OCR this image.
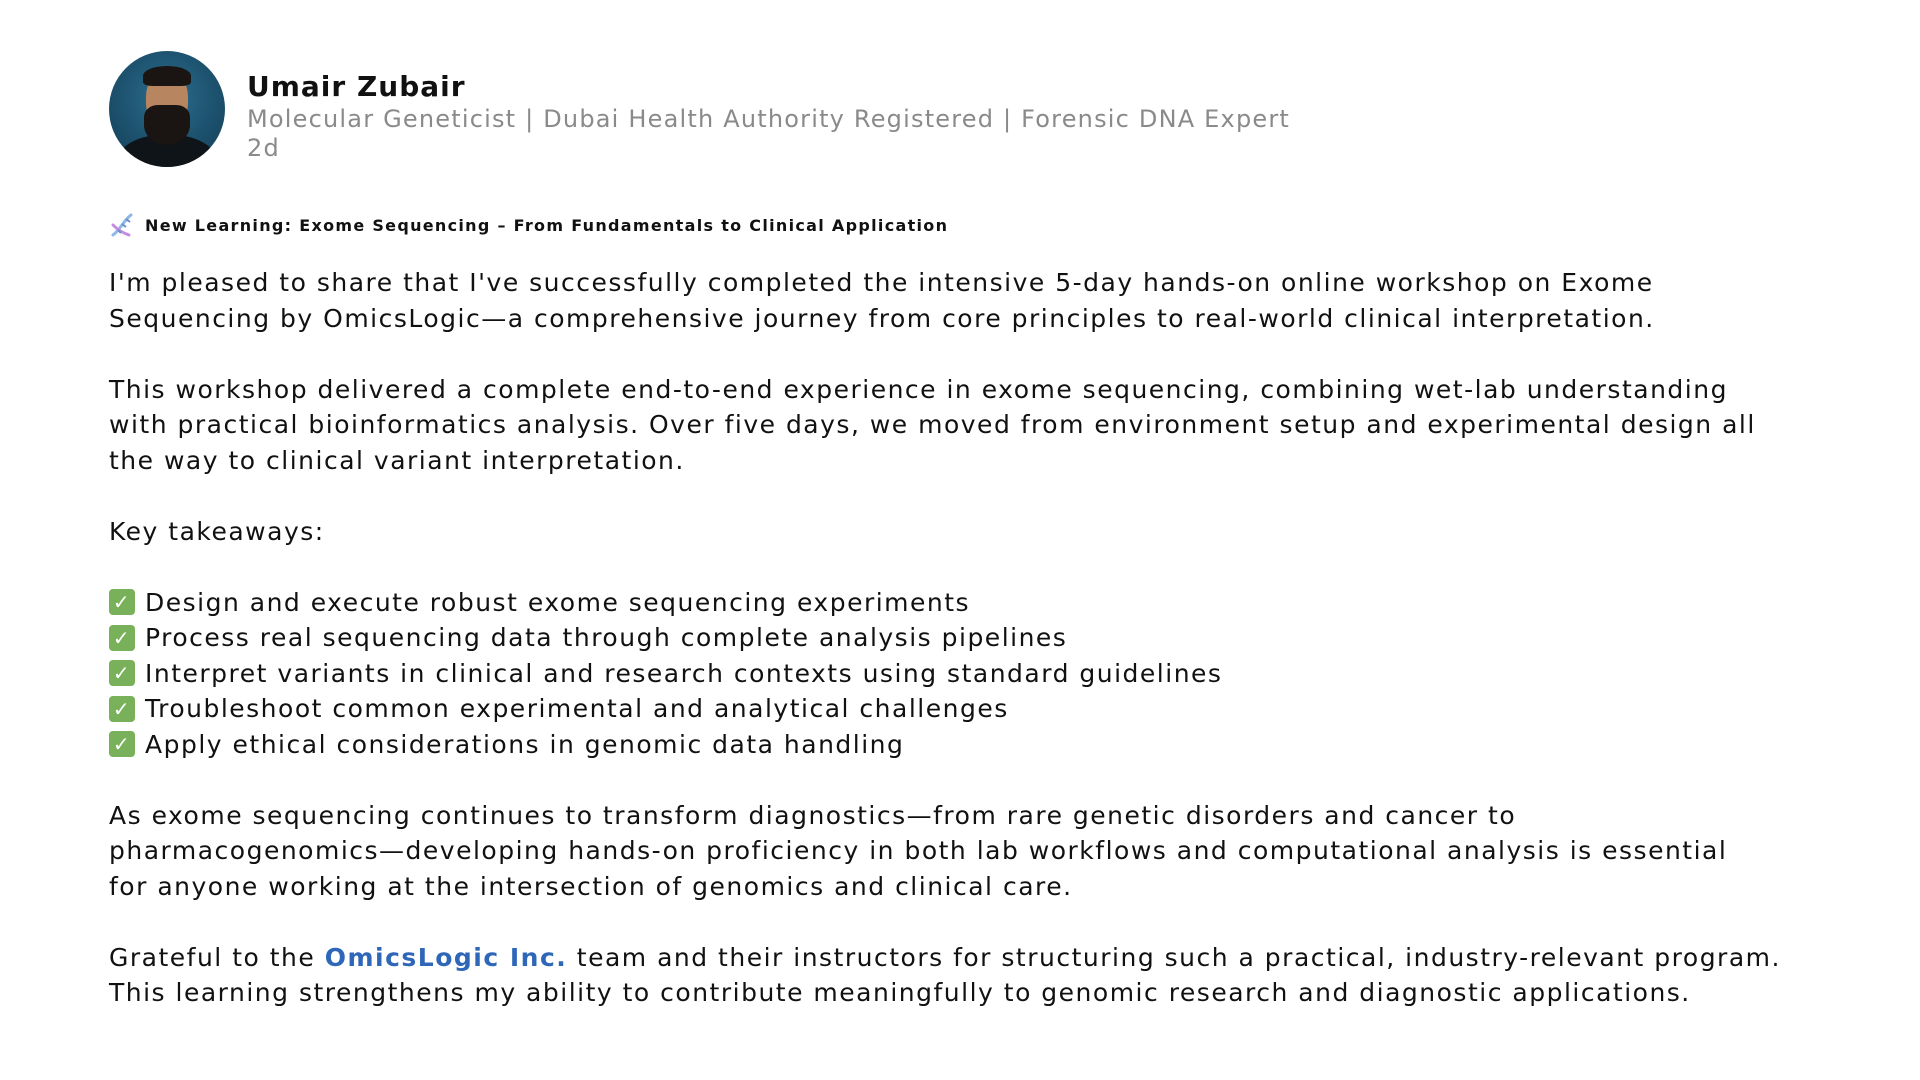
Umair Zubair
Molecular Geneticist | Dubai Health Authority Registered | Forensic DNA Expert
2d
New Learning: Exome Sequencing – From Fundamentals to Clinical Application
I'm pleased to share that I've successfully completed the intensive 5-day hands-on online workshop on Exome
Sequencing by OmicsLogic—a comprehensive journey from core principles to real-world clinical interpretation.
This workshop delivered a complete end-to-end experience in exome sequencing, combining wet-lab understanding
with practical bioinformatics analysis. Over five days, we moved from environment setup and experimental design all
the way to clinical variant interpretation.
Key takeaways:
✓ Design and execute robust exome sequencing experiments
✓ Process real sequencing data through complete analysis pipelines
✓ Interpret variants in clinical and research contexts using standard guidelines
✓ Troubleshoot common experimental and analytical challenges
✓ Apply ethical considerations in genomic data handling
As exome sequencing continues to transform diagnostics—from rare genetic disorders and cancer to
pharmacogenomics—developing hands-on proficiency in both lab workflows and computational analysis is essential
for anyone working at the intersection of genomics and clinical care.
Grateful to the OmicsLogic Inc. team and their instructors for structuring such a practical, industry-relevant program.
This learning strengthens my ability to contribute meaningfully to genomic research and diagnostic applications.
